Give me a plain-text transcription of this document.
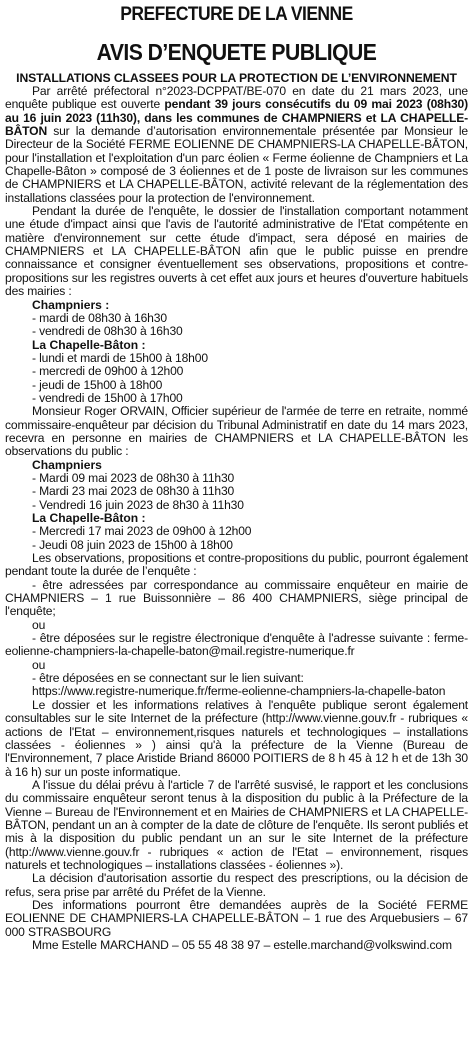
PREFECTURE DE LA VIENNE
AVIS D’ENQUETE PUBLIQUE
INSTALLATIONS CLASSEES POUR LA PROTECTION DE L’ENVIRONNEMENT

Par arrêté préfectoral n°2023-DCPPAT/BE-070 en date du 21 mars 2023, une enquête publique est ouverte pendant 39 jours consécutifs du 09 mai 2023 (08h30) au 16 juin 2023 (11h30), dans les communes de CHAMPNIERS et LA CHAPELLE-BÂTON sur la demande d’autorisation environnementale présentée par Monsieur le Directeur de la Société FERME EOLIENNE DE CHAMPNIERS-LA CHAPELLE-BÂTON, pour l'installation et l'exploitation d'un parc éolien « Ferme éolienne de Champniers et La Chapelle-Bâton » composé de 3 éoliennes et de 1 poste de livraison sur les communes de CHAMPNIERS et LA CHAPELLE-BÂTON, activité relevant de la réglementation des installations classées pour la protection de l'environnement.

Pendant la durée de l'enquête, le dossier de l'installation comportant notamment une étude d'impact ainsi que l'avis de l'autorité administrative de l'Etat compétente en matière d'environnement sur cette étude d'impact, sera déposé en mairies de CHAMPNIERS et LA CHAPELLE-BÂTON afin que le public puisse en prendre connaissance et consigner éventuellement ses observations, propositions et contre-propositions sur les registres ouverts à cet effet aux jours et heures d'ouverture habituels des mairies :

Champniers :
- mardi de 08h30 à 16h30
- vendredi de 08h30 à 16h30
La Chapelle-Bâton :
- lundi et mardi de 15h00 à 18h00
- mercredi de 09h00 à 12h00
- jeudi de 15h00 à 18h00
- vendredi de 15h00 à 17h00

Monsieur Roger ORVAIN, Officier supérieur de l'armée de terre en retraite, nommé commissaire-enquêteur par décision du Tribunal Administratif en date du 14 mars 2023, recevra en personne en mairies de CHAMPNIERS et LA CHAPELLE-BÂTON les observations du public :

Champniers
- Mardi 09 mai 2023 de 08h30 à 11h30
- Mardi 23 mai 2023 de 08h30 à 11h30
- Vendredi 16 juin 2023 de 8h30 à 11h30
La Chapelle-Bâton :
- Mercredi 17 mai 2023 de 09h00 à 12h00
- Jeudi 08 juin 2023 de 15h00 à 18h00

Les observations, propositions et contre-propositions du public, pourront également pendant toute la durée de l’enquête :

- être adressées par correspondance au commissaire enquêteur en mairie de CHAMPNIERS – 1 rue Buissonnière – 86 400 CHAMPNIERS, siège principal de l'enquête;

ou

- être déposées sur le registre électronique d'enquête à l'adresse suivante : ferme-eolienne-champniers-la-chapelle-baton@mail.registre-numerique.fr

ou
- être déposées en se connectant sur le lien suivant:
https://www.registre-numerique.fr/ferme-eolienne-champniers-la-chapelle-baton

Le dossier et les informations relatives à l'enquête publique seront également consultables sur le site Internet de la préfecture (http://www.vienne.gouv.fr - rubriques « actions de l'Etat – environnement,risques naturels et technologiques – installations classées - éoliennes » ) ainsi qu'à la préfecture de la Vienne (Bureau de l'Environnement, 7 place Aristide Briand 86000 POITIERS de 8 h 45 à 12 h et de 13h 30 à 16 h) sur un poste informatique.

A l'issue du délai prévu à l'article 7 de l'arrêté susvisé, le rapport et les conclusions du commissaire enquêteur seront tenus à la disposition du public à la Préfecture de la Vienne – Bureau de l'Environnement et en Mairies de CHAMPNIERS et LA CHAPELLE-BÂTON, pendant un an à compter de la date de clôture de l'enquête. Ils seront publiés et mis à la disposition du public pendant un an sur le site Internet de la préfecture (http://www.vienne.gouv.fr - rubriques « action de l'Etat – environnement, risques naturels et technologiques – installations classées - éoliennes »).

La décision d'autorisation assortie du respect des prescriptions, ou la décision de refus, sera prise par arrêté du Préfet de la Vienne.

Des informations pourront être demandées auprès de la Société FERME EOLIENNE DE CHAMPNIERS-LA CHAPELLE-BÂTON – 1 rue des Arquebusiers – 67 000 STRASBOURG

Mme Estelle MARCHAND – 05 55 48 38 97 – estelle.marchand@volkswind.com
